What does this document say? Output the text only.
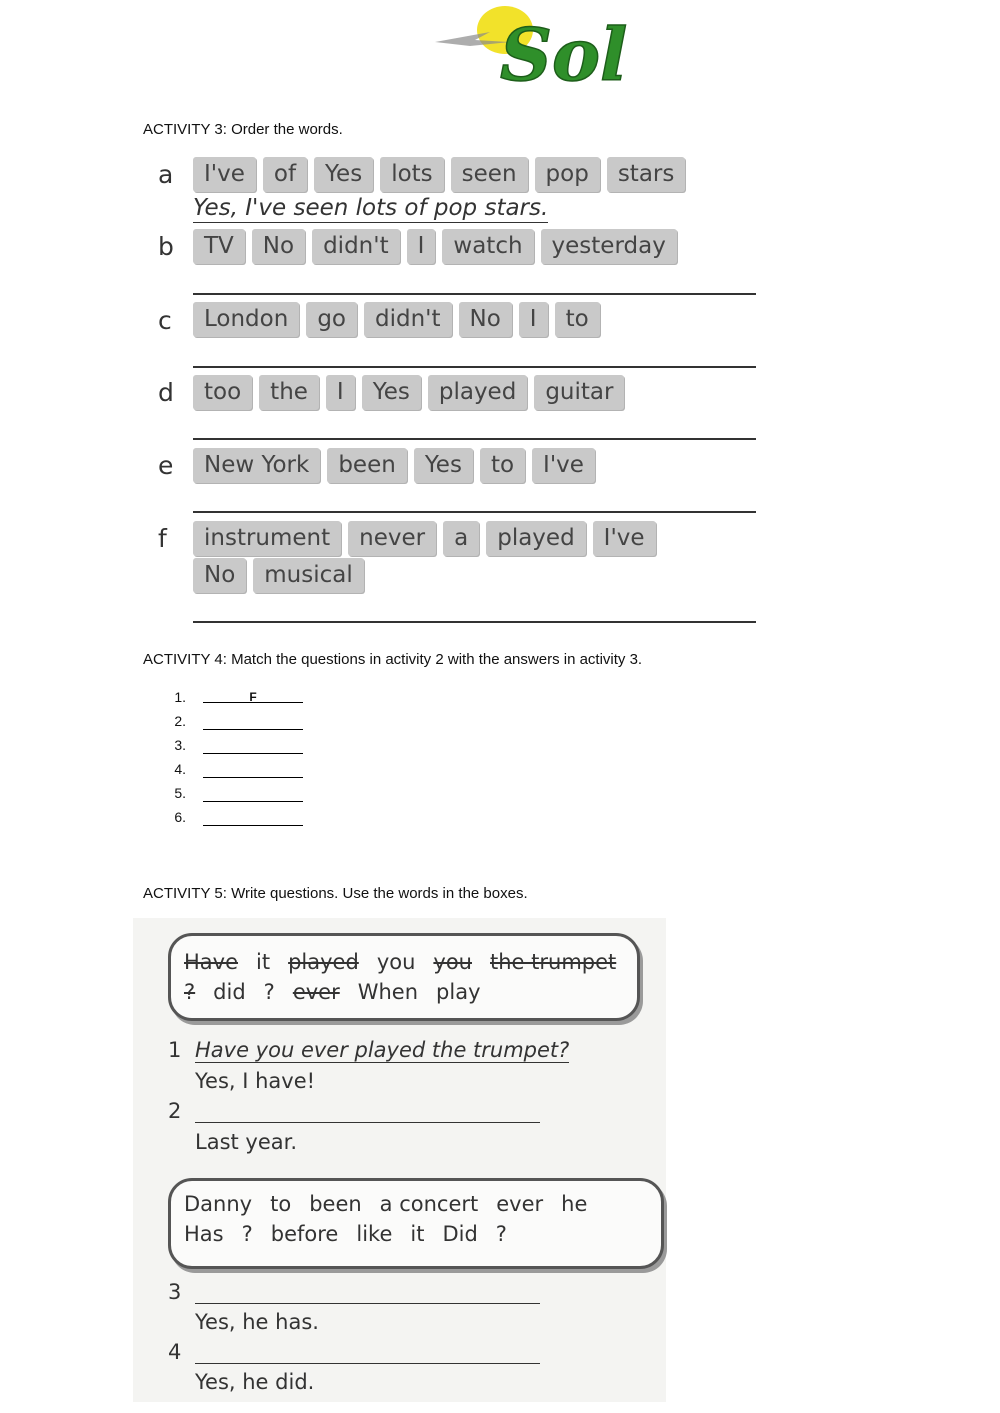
Sol
ACTIVITY 3: Order the words.
a	I've	of	Yes	lots	seen	pop	stars
Yes, I've seen lots of pop stars.
b	TV	No	didn't	I	watch	yesterday
c	London	go	didn't	No	I	to
d	too	the	I	Yes	played	guitar
e	New York	been	Yes	to	I've
f	instrument	never	a	played	I've
No	musical
ACTIVITY 4: Match the questions in activity 2 with the answers in activity 3.
1.	F
2.
3.
4.
5.
6.
ACTIVITY 5: Write questions. Use the words in the boxes.
Have it played you you the trumpet
? did ? ever When play
1 Have you ever played the trumpet?
Yes, I have!
2
Last year.
Danny to been a concert ever he
Has ? before like it Did ?
3
Yes, he has.
4
Yes, he did.
